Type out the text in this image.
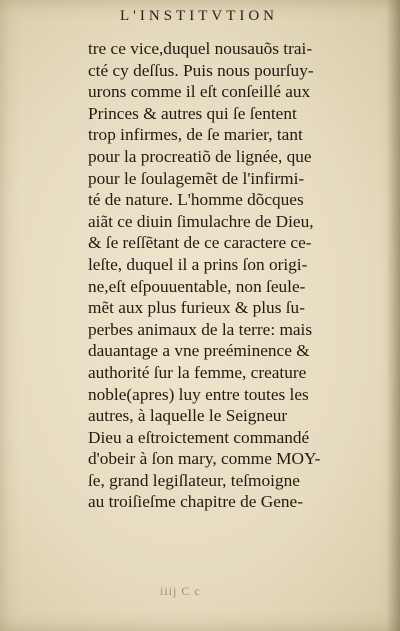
L'INSTITVTION
tre ce vice,duquel nousauõs trai-
cté cy deſſus. Puis nous pourſuy-
urons comme il eſt conſeillé aux
Princes & autres qui ſe ſentent
trop infirmes, de ſe marier, tant
pour la procreatiõ de lignée, que
pour le ſoulagemẽt de l'infirmi-
té de nature. L'homme dõcques
aiãt ce diuin ſimulachre de Dieu,
& ſe reſſẽtant de ce caractere ce-
leſte, duquel il a prins ſon origi-
ne,eſt eſpouuentable, non ſeule-
mẽt aux plus furieux & plus ſu-
perbes animaux de la terre: mais
dauantage a vne preéminence &
authorité ſur la femme, creature
noble(apres) luy entre toutes les
autres, à laquelle le Seigneur
Dieu a eſtroictement commandé
d'obeir à ſon mary, comme MOY-
ſe, grand legiſlateur, teſmoigne
au troiſieſme chapitre de Gene-
iiij C c
